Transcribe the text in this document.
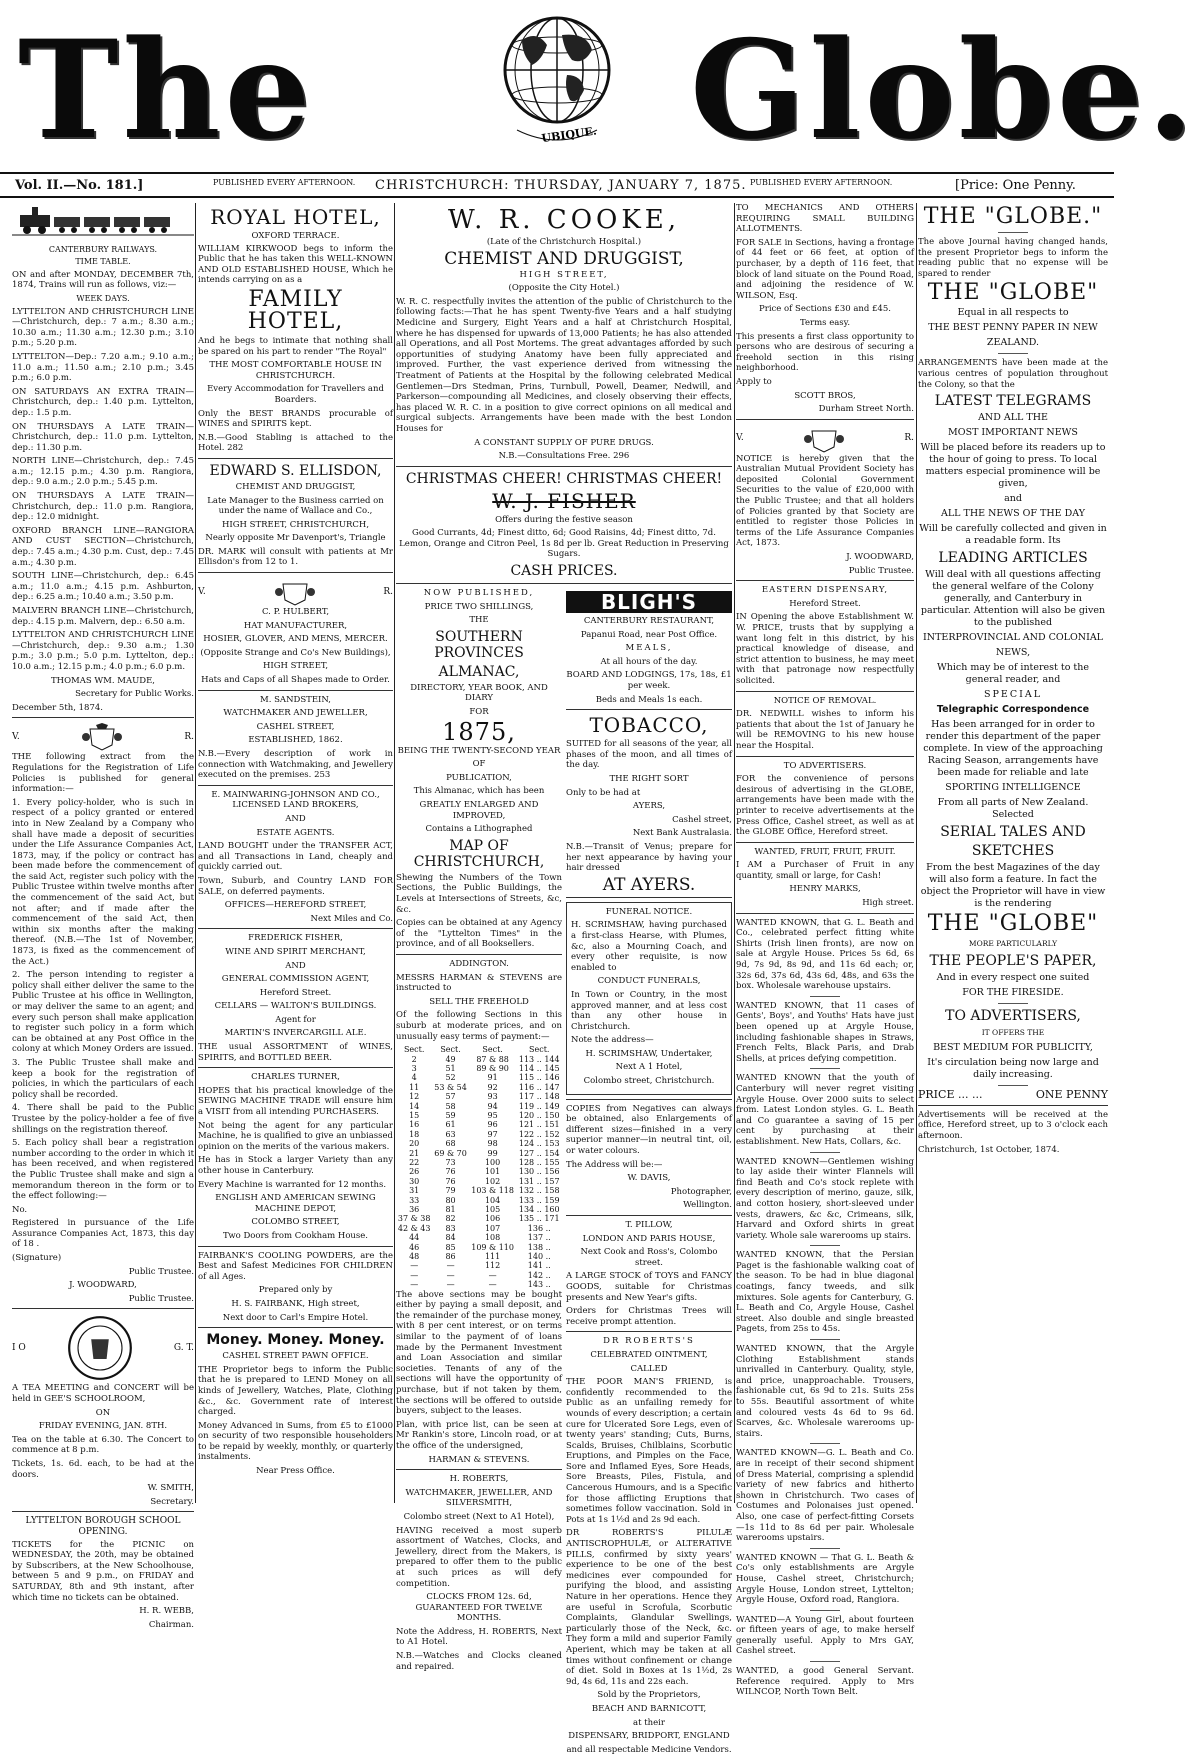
The	UBIQUE. Globe.
Vol. II.—No. 181.]	PUBLISHED EVERY AFTERNOON. CHRISTCHURCH: THURSDAY, JANUARY 7, 1875. PUBLISHED EVERY AFTERNOON.	[Price: One Penny.
CANTERBURY RAILWAYS.
TIME TABLE.

ON and after MONDAY, DECEMBER 7th, 1874, Trains will run as follows, viz:—

WEEK DAYS.

LYTTELTON AND CHRISTCHURCH LINE—Christchurch, dep.: 7 a.m.; 8.30 a.m.; 10.30 a.m.; 11.30 a.m.; 12.30 p.m.; 3.10 p.m.; 5.20 p.m.

LYTTELTON—Dep.: 7.20 a.m.; 9.10 a.m.; 11.0 a.m.; 11.50 a.m.; 2.10 p.m.; 3.45 p.m.; 6.0 p.m.

ON SATURDAYS AN EXTRA TRAIN—Christchurch, dep.: 1.40 p.m. Lyttelton, dep.: 1.5 p.m.

ON THURSDAYS A LATE TRAIN—Christchurch, dep.: 11.0 p.m. Lyttelton, dep.: 11.30 p.m.

NORTH LINE—Christchurch, dep.: 7.45 a.m.; 12.15 p.m.; 4.30 p.m. Rangiora, dep.: 9.0 a.m.; 2.0 p.m.; 5.45 p.m.

ON THURSDAYS A LATE TRAIN—Christchurch, dep.: 11.0 p.m. Rangiora, dep.: 12.0 midnight.

OXFORD BRANCH LINE—RANGIORA AND CUST SECTION—Christchurch, dep.: 7.45 a.m.; 4.30 p.m. Cust, dep.: 7.45 a.m.; 4.30 p.m.

SOUTH LINE—Christchurch, dep.: 6.45 a.m.; 11.0 a.m.; 4.15 p.m. Ashburton, dep.: 6.25 a.m.; 10.40 a.m.; 3.50 p.m.

MALVERN BRANCH LINE—Christchurch, dep.: 4.15 p.m. Malvern, dep.: 6.50 a.m.

LYTTELTON AND CHRISTCHURCH LINE—Christchurch, dep.: 9.30 a.m.; 1.30 p.m.; 3.0 p.m.; 5.0 p.m. Lyttelton, dep.: 10.0 a.m.; 12.15 p.m.; 4.0 p.m.; 6.0 p.m.

THOMAS WM. MAUDE,

Secretary for Public Works.

December 5th, 1874.

V.	R.

THE following extract from the Regulations for the Registration of Life Policies is published for general information:—

1. Every policy-holder, who is such in respect of a policy granted or entered into in New Zealand by a Company who shall have made a deposit of securities under the Life Assurance Companies Act, 1873, may, if the policy or contract has been made before the commencement of the said Act, register such policy with the Public Trustee within twelve months after the commencement of the said Act, but not after; and if made after the commencement of the said Act, then within six months after the making thereof. (N.B.—The 1st of November, 1873, is fixed as the commencement of the Act.)

2. The person intending to register a policy shall either deliver the same to the Public Trustee at his office in Wellington, or may deliver the same to an agent; and every such person shall make application to register such policy in a form which can be obtained at any Post Office in the colony at which Money Orders are issued.

3. The Public Trustee shall make and keep a book for the registration of policies, in which the particulars of each policy shall be recorded.

4. There shall be paid to the Public Trustee by the policy-holder a fee of five shillings on the registration thereof.

5. Each policy shall bear a registration number according to the order in which it has been received, and when registered the Public Trustee shall make and sign a memorandum thereon in the form or to the effect following:—

No.

Registered in pursuance of the Life Assurance Companies Act, 1873, this day of 18 .

(Signature)

Public Trustee.

J. WOODWARD,

Public Trustee.

I O	G. T.

A TEA MEETING and CONCERT will be held in GEE'S SCHOOLROOM,

ON

FRIDAY EVENING, JAN. 8TH.

Tea on the table at 6.30. The Concert to commence at 8 p.m.

Tickets, 1s. 6d. each, to be had at the doors.

W. SMITH,

Secretary.

LYTTELTON BOROUGH SCHOOL OPENING.

TICKETS for the PICNIC on WEDNESDAY, the 20th, may be obtained by Subscribers, at the New Schoolhouse, between 5 and 9 p.m., on FRIDAY and SATURDAY, 8th and 9th instant, after which time no tickets can be obtained.

H. R. WEBB,

Chairman.

ROYAL HOTEL,
OXFORD TERRACE.

WILLIAM KIRKWOOD begs to inform the Public that he has taken this WELL-KNOWN AND OLD ESTABLISHED HOUSE, Which he intends carrying on as a

FAMILY HOTEL,

And he begs to intimate that nothing shall be spared on his part to render "The Royal"

THE MOST COMFORTABLE HOUSE IN CHRISTCHURCH.

Every Accommodation for Travellers and Boarders.

Only the BEST BRANDS procurable of WINES and SPIRITS kept.

N.B.—Good Stabling is attached to the Hotel. 282

EDWARD S. ELLISDON,

CHEMIST AND DRUGGIST,

Late Manager to the Business carried on under the name of Wallace and Co.,

HIGH STREET, CHRISTCHURCH,

Nearly opposite Mr Davenport's, Triangle

DR. MARK will consult with patients at Mr Ellisdon's from 12 to 1.

V.	R.

C. P. HULBERT,

HAT MANUFACTURER,

HOSIER, GLOVER, AND MENS, MERCER.

(Opposite Strange and Co's New Buildings),

HIGH STREET,

Hats and Caps of all Shapes made to Order.

M. SANDSTEIN,

WATCHMAKER AND JEWELLER,

CASHEL STREET,

ESTABLISHED, 1862.

N.B.—Every description of work in connection with Watchmaking, and Jewellery executed on the premises. 253

E. MAINWARING-JOHNSON AND CO., LICENSED LAND BROKERS,

AND

ESTATE AGENTS.

LAND BOUGHT under the TRANSFER ACT, and all Transactions in Land, cheaply and quickly carried out.

Town, Suburb, and Country LAND FOR SALE, on deferred payments.

OFFICES—HEREFORD STREET,

Next Miles and Co.

FREDERICK FISHER,

WINE AND SPIRIT MERCHANT,

AND

GENERAL COMMISSION AGENT,

Hereford Street.

CELLARS — WALTON'S BUILDINGS.

Agent for

MARTIN'S INVERCARGILL ALE.

THE usual ASSORTMENT of WINES, SPIRITS, and BOTTLED BEER.

CHARLES TURNER,

HOPES that his practical knowledge of the SEWING MACHINE TRADE will ensure him a VISIT from all intending PURCHASERS.

Not being the agent for any particular Machine, he is qualified to give an unbiassed opinion on the merits of the various makers.

He has in Stock a larger Variety than any other house in Canterbury.

Every Machine is warranted for 12 months.

ENGLISH AND AMERICAN SEWING MACHINE DEPOT,

COLOMBO STREET,

Two Doors from Cookham House.

FAIRBANK'S COOLING POWDERS, are the Best and Safest Medicines FOR CHILDREN of all Ages.

Prepared only by

H. S. FAIRBANK, High street,

Next door to Carl's Empire Hotel.

Money. Money. Money.

CASHEL STREET PAWN OFFICE.

THE Proprietor begs to inform the Public that he is prepared to LEND Money on all kinds of Jewellery, Watches, Plate, Clothing &c., &c. Government rate of interest charged.

Money Advanced in Sums, from £5 to £1000 on security of two responsible householders to be repaid by weekly, monthly, or quarterly instalments.

Near Press Office.

W. R. COOKE,

(Late of the Christchurch Hospital.)

CHEMIST AND DRUGGIST,

HIGH STREET,

(Opposite the City Hotel.)

W. R. C. respectfully invites the attention of the public of Christchurch to the following facts:—That he has spent Twenty-five Years and a half studying Medicine and Surgery, Eight Years and a half at Christchurch Hospital, where he has dispensed for upwards of 13,000 Patients; he has also attended all Operations, and all Post Mortems. The great advantages afforded by such opportunities of studying Anatomy have been fully appreciated and improved. Further, the vast experience derived from witnessing the Treatment of Patients at the Hospital by the following celebrated Medical Gentlemen—Drs Stedman, Prins, Turnbull, Powell, Deamer, Nedwill, and Parkerson—compounding all Medicines, and closely observing their effects, has placed W. R. C. in a position to give correct opinions on all medical and surgical subjects. Arrangements have been made with the best London Houses for

A CONSTANT SUPPLY OF PURE DRUGS.

N.B.—Consultations Free. 296

CHRISTMAS CHEER! CHRISTMAS CHEER!
W. J. FISHER

Offers during the festive season

Good Currants, 4d; Finest ditto, 6d; Good Raisins, 4d; Finest ditto, 7d. Lemon, Orange and Citron Peel, 1s 8d per lb. Great Reduction in Preserving Sugars.

CASH PRICES.

NOW PUBLISHED,

PRICE TWO SHILLINGS,

THE

SOUTHERN PROVINCES
ALMANAC,

DIRECTORY, YEAR BOOK, AND DIARY

FOR

1875,

BEING THE TWENTY-SECOND YEAR

OF

PUBLICATION,

This Almanac, which has been

GREATLY ENLARGED AND IMPROVED,

Contains a Lithographed

MAP OF CHRISTCHURCH,

Shewing the Numbers of the Town Sections, the Public Buildings, the Levels at Intersections of Streets, &c, &c.

Copies can be obtained at any Agency of the "Lyttelton Times" in the province, and of all Booksellers.

ADDINGTON.

MESSRS HARMAN & STEVENS are instructed to

SELL THE FREEHOLD

Of the following Sections in this suburb at moderate prices, and on unusually easy terms of payment:—

Sect.	Sect.	Sect.	Sect.
2	49	87 & 88	113 .. 144
3	51	89 & 90	114 .. 145
4	52	91	115 .. 146
11	53 & 54	92	116 .. 147
12	57	93	117 .. 148
14	58	94	119 .. 149
15	59	95	120 .. 150
16	61	96	121 .. 151
18	63	97	122 .. 152
20	68	98	124 .. 153
21	69 & 70	99	127 .. 154
22	73	100	128 .. 155
26	76	101	130 .. 156
30	76	102	131 .. 157
31	79	103 & 118	132 .. 158
33	80	104	133 .. 159
36	81	105	134 .. 160
37 & 38	82	106	135 .. 171
42 & 43	83	107	136 ..
44	84	108	137 ..
46	85	109 & 110	138 ..
48	86	111	140 ..
—	—	112	141 ..
—	—	—	142 ..
—	—	—	143 ..

The above sections may be bought either by paying a small deposit, and the remainder of the purchase money, with 8 per cent interest, or on terms similar to the payment of of loans made by the Permanent Investment and Loan Association and similar societies. Tenants of any of the sections will have the opportunity of purchase, but if not taken by them, the sections will be offered to outside buyers, subject to the leases.

Plan, with price list, can be seen at Mr Rankin's store, Lincoln road, or at the office of the undersigned,

HARMAN & STEVENS.

H. ROBERTS,

WATCHMAKER, JEWELLER, AND SILVERSMITH,

Colombo street (Next to A1 Hotel),

HAVING received a most superb assortment of Watches, Clocks, and Jewellery, direct from the Makers, is prepared to offer them to the public at such prices as will defy competition.

CLOCKS FROM 12s. 6d, GUARANTEED FOR TWELVE MONTHS.

Note the Address, H. ROBERTS, Next to A1 Hotel.

N.B.—Watches and Clocks cleaned and repaired.

BLIGH'S

CANTERBURY RESTAURANT,

Papanui Road, near Post Office.

MEALS,

At all hours of the day.

BOARD AND LODGINGS, 17s, 18s, £1 per week.

Beds and Meals 1s each.

TOBACCO,

SUITED for all seasons of the year, all phases of the moon, and all times of the day.

THE RIGHT SORT

Only to be had at

AYERS,

Cashel street,

Next Bank Australasia.

N.B.—Transit of Venus; prepare for her next appearance by having your hair dressed

AT AYERS.

FUNERAL NOTICE.

H. SCRIMSHAW, having purchased a first-class Hearse, with Plumes, &c, also a Mourning Coach, and every other requisite, is now enabled to

CONDUCT FUNERALS,

In Town or Country, in the most approved manner, and at less cost than any other house in Christchurch.

Note the address—

H. SCRIMSHAW, Undertaker,

Next A 1 Hotel,

Colombo street, Christchurch.

COPIES from Negatives can always be obtained, also Enlargements of different sizes—finished in a very superior manner—in neutral tint, oil, or water colours.

The Address will be:—

W. DAVIS,

Photographer,

Wellington.

T. PILLOW,

LONDON AND PARIS HOUSE,

Next Cook and Ross's, Colombo street.

A LARGE STOCK of TOYS and FANCY GOODS, suitable for Christmas presents and New Year's gifts.

Orders for Christmas Trees will receive prompt attention.

DR ROBERTS'S

CELEBRATED OINTMENT,

CALLED

THE POOR MAN'S FRIEND, is confidently recommended to the Public as an unfailing remedy for wounds of every description; a certain cure for Ulcerated Sore Legs, even of twenty years' standing; Cuts, Burns, Scalds, Bruises, Chilblains, Scorbutic Eruptions, and Pimples on the Face, Sore and Inflamed Eyes, Sore Heads, Sore Breasts, Piles, Fistula, and Cancerous Humours, and is a Specific for those afflicting Eruptions that sometimes follow vaccination. Sold in Pots at 1s 1½d and 2s 9d each.

DR ROBERTS'S PILULÆ ANTISCROPHULÆ, or ALTERATIVE PILLS, confirmed by sixty years' experience to be one of the best medicines ever compounded for purifying the blood, and assisting Nature in her operations. Hence they are useful in Scrofula, Scorbutic Complaints, Glandular Swellings, particularly those of the Neck, &c. They form a mild and superior Family Aperient, which may be taken at all times without confinement or change of diet. Sold in Boxes at 1s 1½d, 2s 9d, 4s 6d, 11s and 22s each.

Sold by the Proprietors,

BEACH AND BARNICOTT,

at their

DISPENSARY, BRIDPORT, ENGLAND

and all respectable Medicine Vendors.

TO MECHANICS AND OTHERS REQUIRING SMALL BUILDING ALLOTMENTS.

FOR SALE in Sections, having a frontage of 44 feet or 66 feet, at option of purchaser, by a depth of 116 feet, that block of land situate on the Pound Road, and adjoining the residence of W. WILSON, Esq.

Price of Sections £30 and £45.

Terms easy.

This presents a first class opportunity to persons who are desirous of securing a freehold section in this rising neighborhood.

Apply to

SCOTT BROS,

Durham Street North.

V.	R.

NOTICE is hereby given that the Australian Mutual Provident Society has deposited Colonial Government Securities to the value of £20,000 with the Public Trustee; and that all holders of Policies granted by that Society are entitled to register those Policies in terms of the Life Assurance Companies Act, 1873.

J. WOODWARD,

Public Trustee.

EASTERN DISPENSARY,

Hereford Street.

IN Opening the above Establishment W. W. PRICE, trusts that by supplying a want long felt in this district, by his practical knowledge of disease, and strict attention to business, he may meet with that patronage now respectfully solicited.

NOTICE OF REMOVAL.

DR. NEDWILL wishes to inform his patients that about the 1st of January he will be REMOVING to his new house near the Hospital.

TO ADVERTISERS.

FOR the convenience of persons desirous of advertising in the GLOBE, arrangements have been made with the printer to receive advertisements at the Press Office, Cashel street, as well as at the GLOBE Office, Hereford street.

WANTED, FRUIT, FRUIT, FRUIT.

I AM a Purchaser of Fruit in any quantity, small or large, for Cash!

HENRY MARKS,

High street.

WANTED KNOWN, that G. L. Beath and Co., celebrated perfect fitting white Shirts (Irish linen fronts), are now on sale at Argyle House. Prices 5s 6d, 6s 9d, 7s 9d, 8s 9d, and 11s 6d each; or, 32s 6d, 37s 6d, 43s 6d, 48s, and 63s the box. Wholesale warehouse upstairs.

WANTED KNOWN, that 11 cases of Gents', Boys', and Youths' Hats have just been opened up at Argyle House, including fashionable shapes in Straws, French Felts, Black Paris, and Drab Shells, at prices defying competition.

WANTED KNOWN that the youth of Canterbury will never regret visiting Argyle House. Over 2000 suits to select from. Latest London styles. G. L. Beath and Co guarantee a saving of 15 per cent by purchasing at their establishment. New Hats, Collars, &c.

WANTED KNOWN—Gentlemen wishing to lay aside their winter Flannels will find Beath and Co's stock replete with every description of merino, gauze, silk, and cotton hosiery, short-sleeved under vests, drawers, &c &c, Crimeans, silk, Harvard and Oxford shirts in great variety. Whole sale warerooms up stairs.

WANTED KNOWN, that the Persian Paget is the fashionable walking coat of the season. To be had in blue diagonal coatings, fancy tweeds, and silk mixtures. Sole agents for Canterbury, G. L. Beath and Co, Argyle House, Cashel street. Also double and single breasted Pagets, from 25s to 45s.

WANTED KNOWN, that the Argyle Clothing Establishment stands unrivalled in Canterbury. Quality, style, and price, unapproachable. Trousers, fashionable cut, 6s 9d to 21s. Suits 25s to 55s. Beautiful assortment of white and coloured vests 4s 6d to 9s 6d. Scarves, &c. Wholesale warerooms up-stairs.

WANTED KNOWN—G. L. Beath and Co. are in receipt of their second shipment of Dress Material, comprising a splendid variety of new fabrics and hitherto shown in Christchurch. Two cases of Costumes and Polonaises just opened. Also, one case of perfect-fitting Corsets—1s 11d to 8s 6d per pair. Wholesale warerooms upstairs.

WANTED KNOWN — That G. L. Beath & Co's only establishments are Argyle House, Cashel street, Christchurch; Argyle House, London street, Lyttelton; Argyle House, Oxford road, Rangiora.

WANTED—A Young Girl, about fourteen or fifteen years of age, to make herself generally useful. Apply to Mrs GAY, Cashel street.

WANTED, a good General Servant. Reference required. Apply to Mrs WILNCOP, North Town Belt.

THE "GLOBE."

The above Journal having changed hands, the present Proprietor begs to inform the reading public that no expense will be spared to render

THE "GLOBE"

Equal in all respects to

THE BEST PENNY PAPER IN NEW

ZEALAND.

ARRANGEMENTS have been made at the various centres of population throughout the Colony, so that the

LATEST TELEGRAMS

AND ALL THE

MOST IMPORTANT NEWS

Will be placed before its readers up to the hour of going to press. To local matters especial prominence will be given,

and

ALL THE NEWS OF THE DAY

Will be carefully collected and given in a readable form. Its

LEADING ARTICLES

Will deal with all questions affecting the general welfare of the Colony generally, and Canterbury in particular. Attention will also be given to the published

INTERPROVINCIAL AND COLONIAL

NEWS,

Which may be of interest to the general reader, and

SPECIAL

Telegraphic Correspondence

Has been arranged for in order to render this department of the paper complete. In view of the approaching Racing Season, arrangements have been made for reliable and late

SPORTING INTELLIGENCE

From all parts of New Zealand. Selected

SERIAL TALES AND
SKETCHES

From the best Magazines of the day will also form a feature. In fact the object the Proprietor will have in view is the rendering

THE "GLOBE"

MORE PARTICULARLY

THE PEOPLE'S PAPER,

And in every respect one suited

FOR THE FIRESIDE.

TO ADVERTISERS,

IT OFFERS THE

BEST MEDIUM FOR PUBLICITY,

It's circulation being now large and daily increasing.

PRICE ... ...	ONE PENNY

Advertisements will be received at the office, Hereford street, up to 3 o'clock each afternoon.

Christchurch, 1st October, 1874.
